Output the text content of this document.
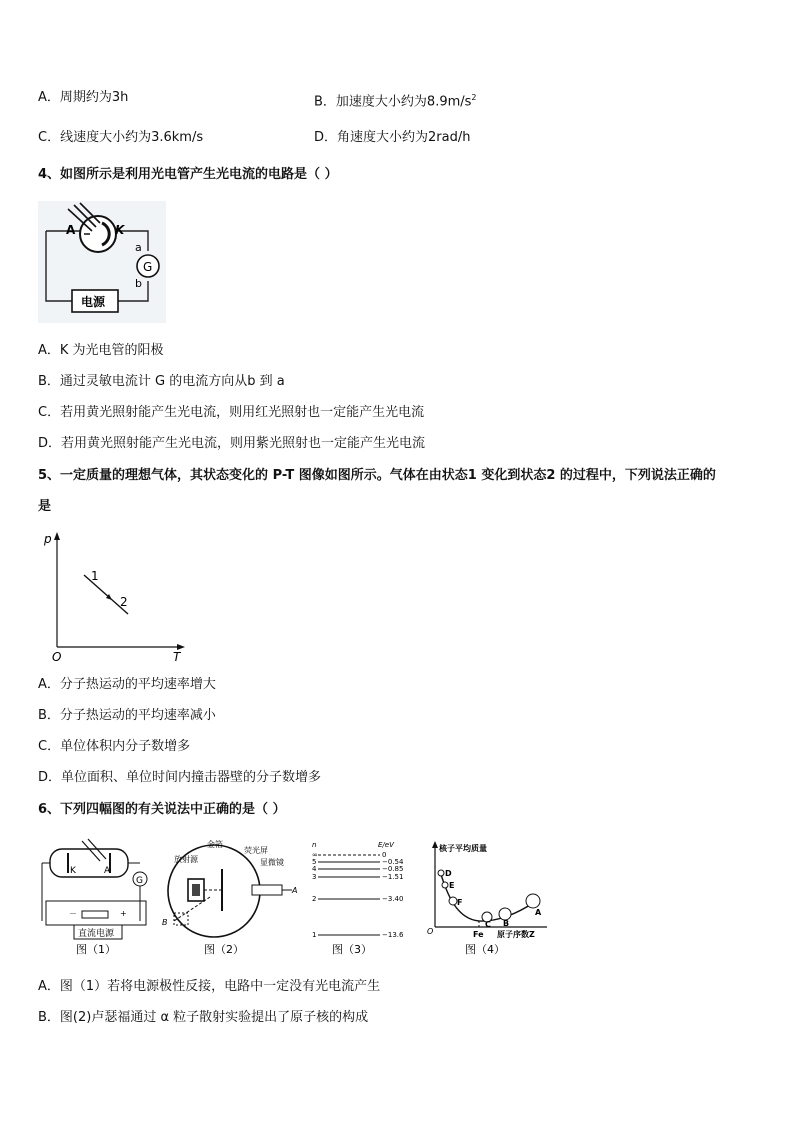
A．周期约为3h	B．加速度大小约为$8.9m/s^2$
C．线速度大小约为3.6km/s	D．角速度大小约为2rad/h
4、如图所示是利用光电管产生光电流的电路是（ ）
G
a
b
A	K
电源
A．K 为光电管的阳极
B．通过灵敏电流计 G 的电流方向从b 到 a
C．若用黄光照射能产生光电流，则用红光照射也一定能产生光电流
D．若用黄光照射能产生光电流，则用紫光照射也一定能产生光电流
5、一定质量的理想气体，其状态变化的 P-T 图像如图所示。气体在由状态1 变化到状态2 的过程中，下列说法正确的
是
p
T
O
1
2
A．分子热运动的平均速率增大
B．分子热运动的平均速率减小
C．单位体积内分子数增多
D．单位面积、单位时间内撞击器壁的分子数增多
6、下列四幅图的有关说法中正确的是（ ）
K	A
G
－	+
直流电源
图（1）
放射源
金箔
荧光屏
显微镜
A
B
图（2）
n	E/eV
∞	0
5	−0.54
4	−0.85
3	−1.51
2	−3.40
1	−13.6
图（3）
核子平均质量
D
E
F
C B
A
O	Fe 原子序数Z
图（4）
A．图（1）若将电源极性反接，电路中一定没有光电流产生
B．图(2)卢瑟福通过 α 粒子散射实验提出了原子核的构成
